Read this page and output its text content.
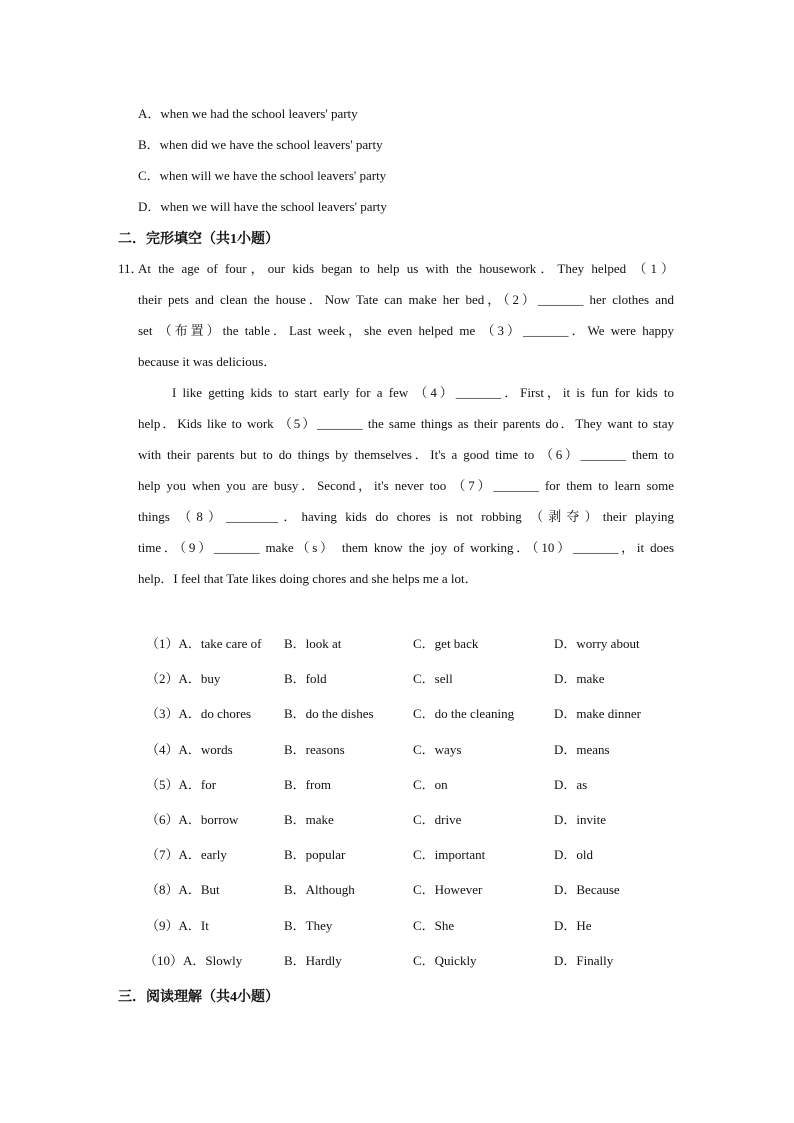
A．when we had the school leavers' party
B．when did we have the school leavers' party
C．when will we have the school leavers' party
D．when we will have the school leavers' party
二．完形填空（共1小题）
11．
At the age of four，our kids began to help us with the housework．They helped （1）
their pets and clean the house．Now Tate can make her bed，（2）_______ her clothes and
set （布置）the table．Last week，she even helped me （3）_______．We were happy
because it was delicious．
I like getting kids to start early for a few （4）_______．First，it is fun for kids to
help．Kids like to work （5）_______ the same things as their parents do．They want to stay
with their parents but to do things by themselves．It's a good time to （6）_______ them to
help you when you are busy．Second，it's never too （7）_______ for them to learn some
things （8）________．having kids do chores is not robbing （剥夺）their playing
time．（9）_______ make（s） them know the joy of working．（10）_______，it does
help．I feel that Tate likes doing chores and she helps me a lot．
（1）A．take care of B．look at	C．get back	D．worry about
（2）A．buy	B．fold	C．sell	D．make
（3）A．do chores	B．do the dishes	C．do the cleaning	D．make dinner
（4）A．words	B．reasons	C．ways	D．means
（5）A．for	B．from	C．on	D．as
（6）A．borrow	B．make	C．drive	D．invite
（7）A．early	B．popular	C．important	D．old
（8）A．But	B．Although	C．However	D．Because
（9）A．It	B．They	C．She	D．He
（10）A．Slowly	B．Hardly	C．Quickly	D．Finally
三．阅读理解（共4小题）
